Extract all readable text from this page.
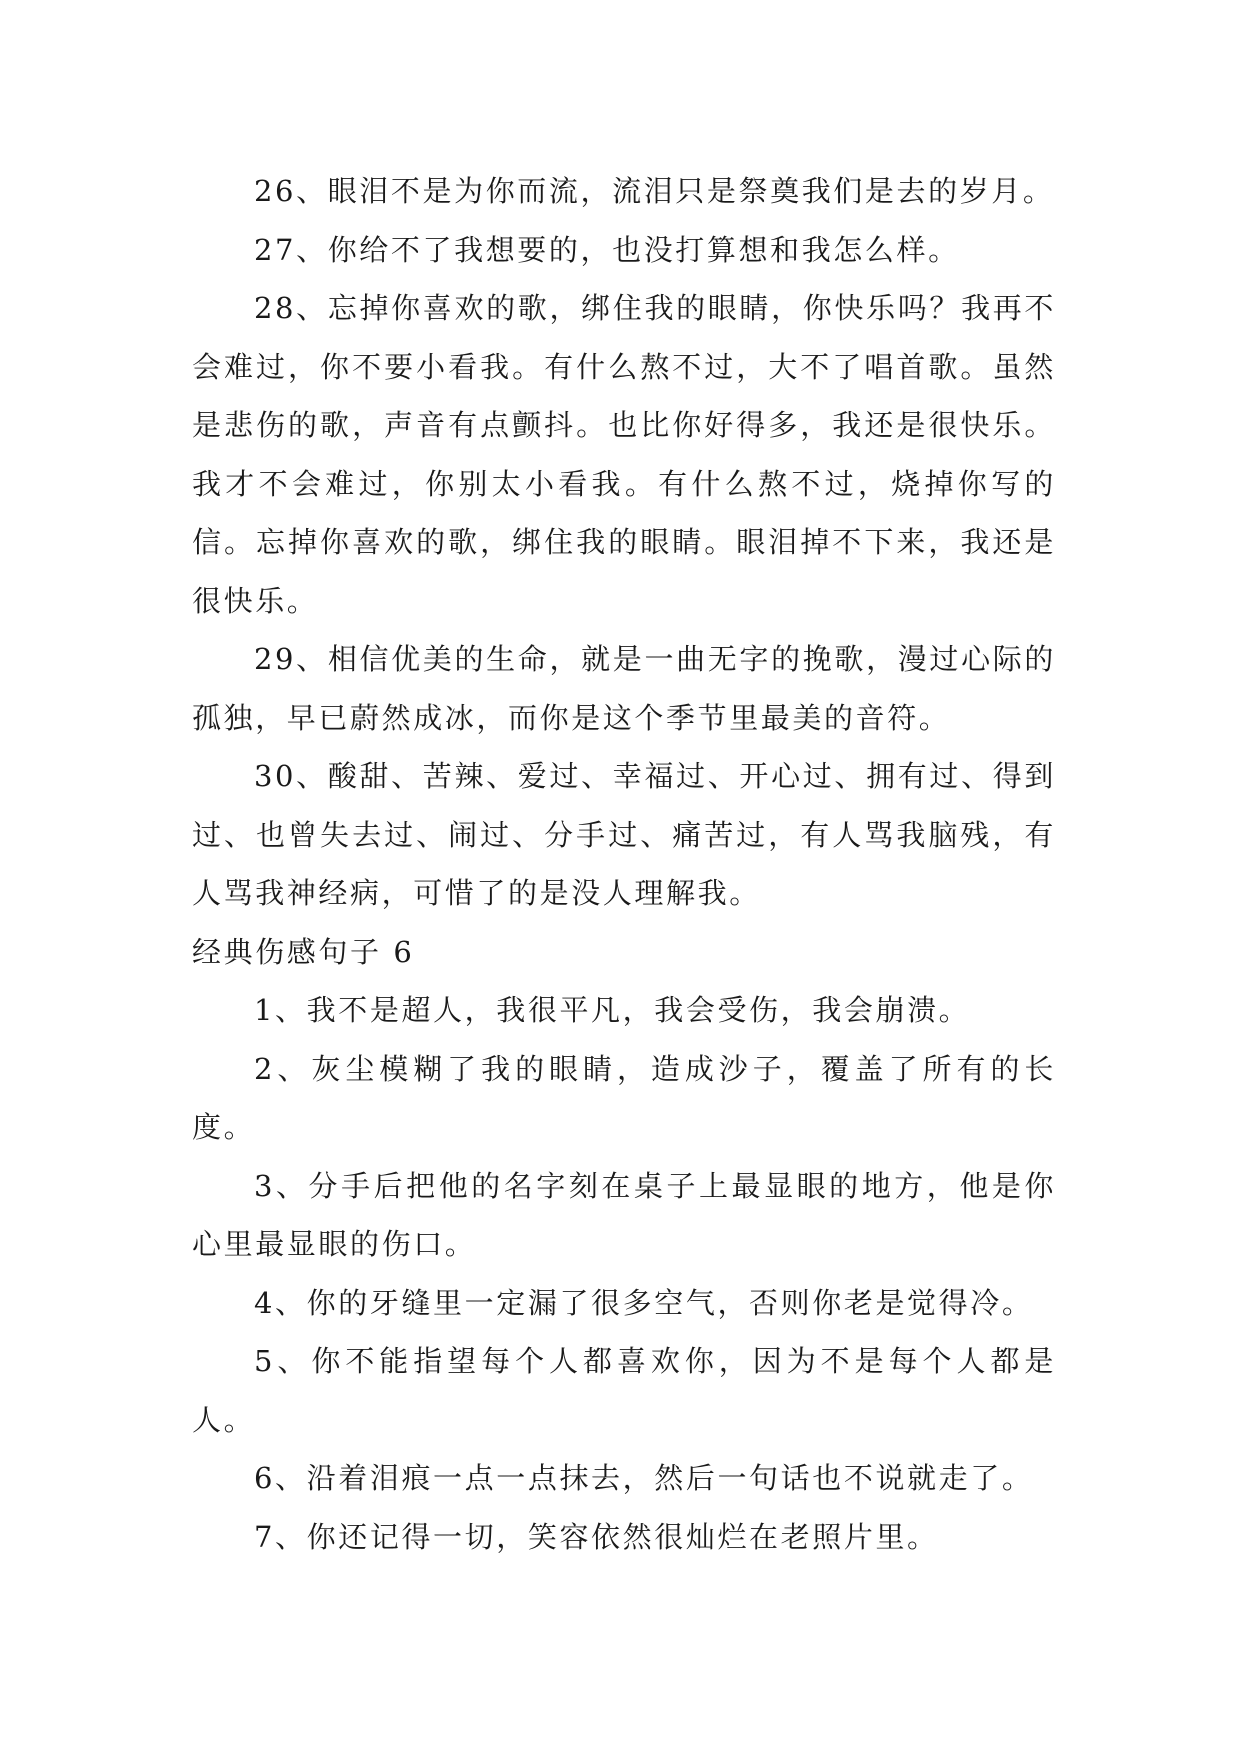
26、眼泪不是为你而流，流泪只是祭奠我们是去的岁月。

27、你给不了我想要的，也没打算想和我怎么样。

28、忘掉你喜欢的歌，绑住我的眼睛，你快乐吗？我再不会难过，你不要小看我。有什么熬不过，大不了唱首歌。虽然是悲伤的歌，声音有点颤抖。也比你好得多，我还是很快乐。我才不会难过，你别太小看我。有什么熬不过，烧掉你写的信。忘掉你喜欢的歌，绑住我的眼睛。眼泪掉不下来，我还是很快乐。

29、相信优美的生命，就是一曲无字的挽歌，漫过心际的孤独，早已蔚然成冰，而你是这个季节里最美的音符。

30、酸甜、苦辣、爱过、幸福过、开心过、拥有过、得到过、也曾失去过、闹过、分手过、痛苦过，有人骂我脑残，有人骂我神经病，可惜了的是没人理解我。

经典伤感句子 6

1、我不是超人，我很平凡，我会受伤，我会崩溃。

2、灰尘模糊了我的眼睛，造成沙子，覆盖了所有的长度。

3、分手后把他的名字刻在桌子上最显眼的地方，他是你心里最显眼的伤口。

4、你的牙缝里一定漏了很多空气，否则你老是觉得冷。

5、你不能指望每个人都喜欢你，因为不是每个人都是人。

6、沿着泪痕一点一点抹去，然后一句话也不说就走了。

7、你还记得一切，笑容依然很灿烂在老照片里。
